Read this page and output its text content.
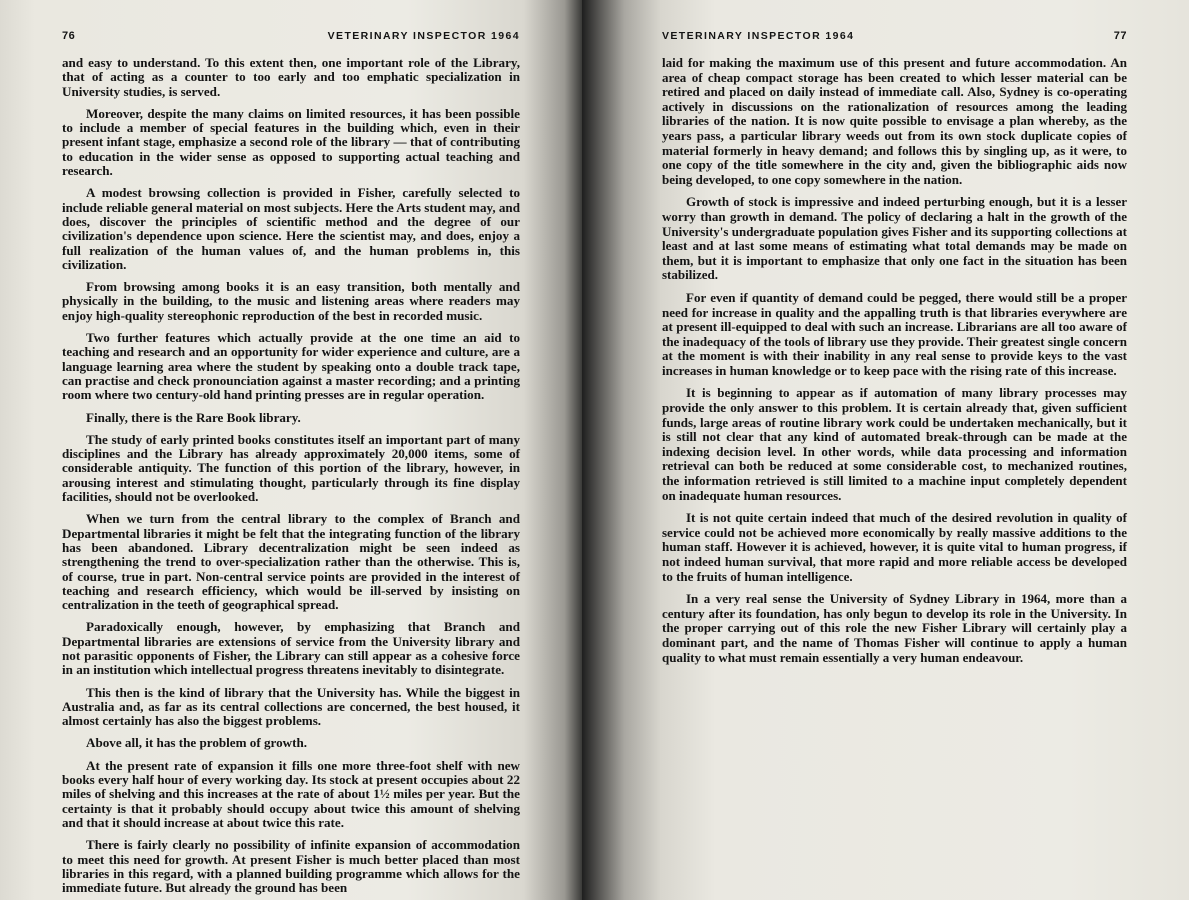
76	VETERINARY INSPECTOR 1964

and easy to understand. To this extent then, one important role of the Library, that of acting as a counter to too early and too emphatic specialization in University studies, is served.

Moreover, despite the many claims on limited resources, it has been possible to include a member of special features in the building which, even in their present infant stage, emphasize a second role of the library — that of contributing to education in the wider sense as opposed to supporting actual teaching and research.

A modest browsing collection is provided in Fisher, carefully selected to include reliable general material on most subjects. Here the Arts student may, and does, discover the principles of scientific method and the degree of our civilization's dependence upon science. Here the scientist may, and does, enjoy a full realization of the human values of, and the human problems in, this civilization.

From browsing among books it is an easy transition, both mentally and physically in the building, to the music and listening areas where readers may enjoy high-quality stereophonic reproduction of the best in recorded music.

Two further features which actually provide at the one time an aid to teaching and research and an opportunity for wider experience and culture, are a language learning area where the student by speaking onto a double track tape, can practise and check pronounciation against a master recording; and a printing room where two century-old hand printing presses are in regular operation.

Finally, there is the Rare Book library.

The study of early printed books constitutes itself an important part of many disciplines and the Library has already approximately 20,000 items, some of considerable antiquity. The function of this portion of the library, however, in arousing interest and stimulating thought, particularly through its fine display facilities, should not be overlooked.

When we turn from the central library to the complex of Branch and Departmental libraries it might be felt that the integrating function of the library has been abandoned. Library decentralization might be seen indeed as strengthening the trend to over-specialization rather than the otherwise. This is, of course, true in part. Non-central service points are provided in the interest of teaching and research efficiency, which would be ill-served by insisting on centralization in the teeth of geographical spread.

Paradoxically enough, however, by emphasizing that Branch and Departmental libraries are extensions of service from the University library and not parasitic opponents of Fisher, the Library can still appear as a cohesive force in an institution which intellectual progress threatens inevitably to disintegrate.

This then is the kind of library that the University has. While the biggest in Australia and, as far as its central collections are concerned, the best housed, it almost certainly has also the biggest problems.

Above all, it has the problem of growth.

At the present rate of expansion it fills one more three-foot shelf with new books every half hour of every working day. Its stock at present occupies about 22 miles of shelving and this increases at the rate of about 1½ miles per year. But the certainty is that it probably should occupy about twice this amount of shelving and that it should increase at about twice this rate.

There is fairly clearly no possibility of infinite expansion of accommodation to meet this need for growth. At present Fisher is much better placed than most libraries in this regard, with a planned building programme which allows for the immediate future. But already the ground has been

VETERINARY INSPECTOR 1964	77

laid for making the maximum use of this present and future accommodation. An area of cheap compact storage has been created to which lesser material can be retired and placed on daily instead of immediate call. Also, Sydney is co-operating actively in discussions on the rationalization of resources among the leading libraries of the nation. It is now quite possible to envisage a plan whereby, as the years pass, a particular library weeds out from its own stock duplicate copies of material formerly in heavy demand; and follows this by singling up, as it were, to one copy of the title somewhere in the city and, given the bibliographic aids now being developed, to one copy somewhere in the nation.

Growth of stock is impressive and indeed perturbing enough, but it is a lesser worry than growth in demand. The policy of declaring a halt in the growth of the University's undergraduate population gives Fisher and its supporting collections at least and at last some means of estimating what total demands may be made on them, but it is important to emphasize that only one fact in the situation has been stabilized.

For even if quantity of demand could be pegged, there would still be a proper need for increase in quality and the appalling truth is that libraries everywhere are at present ill-equipped to deal with such an increase. Librarians are all too aware of the inadequacy of the tools of library use they provide. Their greatest single concern at the moment is with their inability in any real sense to provide keys to the vast increases in human knowledge or to keep pace with the rising rate of this increase.

It is beginning to appear as if automation of many library processes may provide the only answer to this problem. It is certain already that, given sufficient funds, large areas of routine library work could be undertaken mechanically, but it is still not clear that any kind of automated break-through can be made at the indexing decision level. In other words, while data processing and information retrieval can both be reduced at some considerable cost, to mechanized routines, the information retrieved is still limited to a machine input completely dependent on inadequate human resources.

It is not quite certain indeed that much of the desired revolution in quality of service could not be achieved more economically by really massive additions to the human staff. However it is achieved, however, it is quite vital to human progress, if not indeed human survival, that more rapid and more reliable access be developed to the fruits of human intelligence.

In a very real sense the University of Sydney Library in 1964, more than a century after its foundation, has only begun to develop its role in the University. In the proper carrying out of this role the new Fisher Library will certainly play a dominant part, and the name of Thomas Fisher will continue to apply a human quality to what must remain essentially a very human endeavour.
